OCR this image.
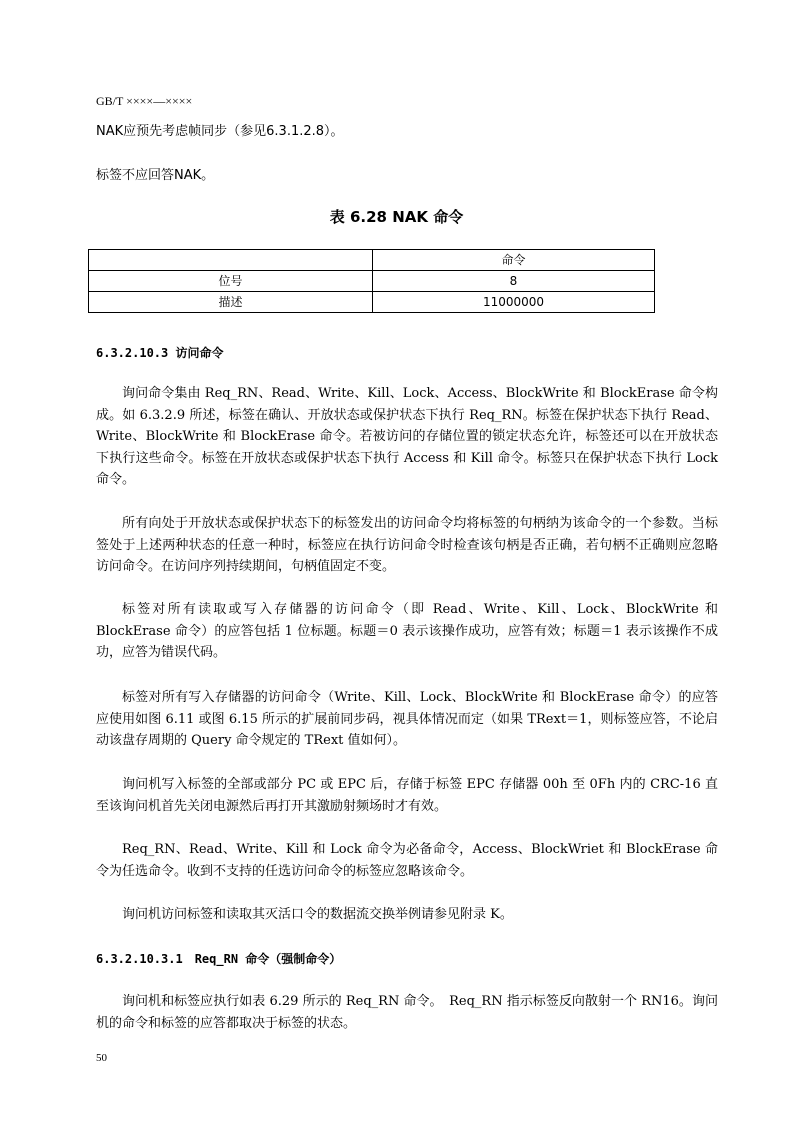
GB/T ××××—××××
NAK应预先考虑帧同步（参见6.3.1.2.8）。
标签不应回答NAK。
表 6.28 NAK 命令
	命令
位号	8
描述	11000000
6.3.2.10.3 访问命令
询问命令集由 Req_RN、Read、Write、Kill、Lock、Access、BlockWrite 和 BlockErase 命令构成。如 6.3.2.9 所述，标签在确认、开放状态或保护状态下执行 Req_RN。标签在保护状态下执行 Read、Write、BlockWrite 和 BlockErase 命令。若被访问的存储位置的锁定状态允许，标签还可以在开放状态下执行这些命令。标签在开放状态或保护状态下执行 Access 和 Kill 命令。标签只在保护状态下执行 Lock 命令。
所有向处于开放状态或保护状态下的标签发出的访问命令均将标签的句柄纳为该命令的一个参数。当标签处于上述两种状态的任意一种时，标签应在执行访问命令时检查该句柄是否正确，若句柄不正确则应忽略访问命令。在访问序列持续期间，句柄值固定不变。
标签对所有读取或写入存储器的访问命令（即 Read、Write、Kill、Lock、BlockWrite 和 BlockErase 命令）的应答包括 1 位标题。标题＝0 表示该操作成功，应答有效；标题＝1 表示该操作不成功，应答为错误代码。
标签对所有写入存储器的访问命令（Write、Kill、Lock、BlockWrite 和 BlockErase 命令）的应答应使用如图 6.11 或图 6.15 所示的扩展前同步码，视具体情况而定（如果 TRext＝1，则标签应答，不论启动该盘存周期的 Query 命令规定的 TRext 值如何）。
询问机写入标签的全部或部分 PC 或 EPC 后，存储于标签 EPC 存储器 00h 至 0Fh 内的 CRC-16 直至该询问机首先关闭电源然后再打开其激励射频场时才有效。
Req_RN、Read、Write、Kill 和 Lock 命令为必备命令，Access、BlockWriet 和 BlockErase 命令为任选命令。收到不支持的任选访问命令的标签应忽略该命令。
询问机访问标签和读取其灭活口令的数据流交换举例请参见附录 K。
6.3.2.10.3.1　Req_RN 命令（强制命令）
询问机和标签应执行如表 6.29 所示的 Req_RN 命令。　Req_RN 指示标签反向散射一个 RN16。询问机的命令和标签的应答都取决于标签的状态。
50
